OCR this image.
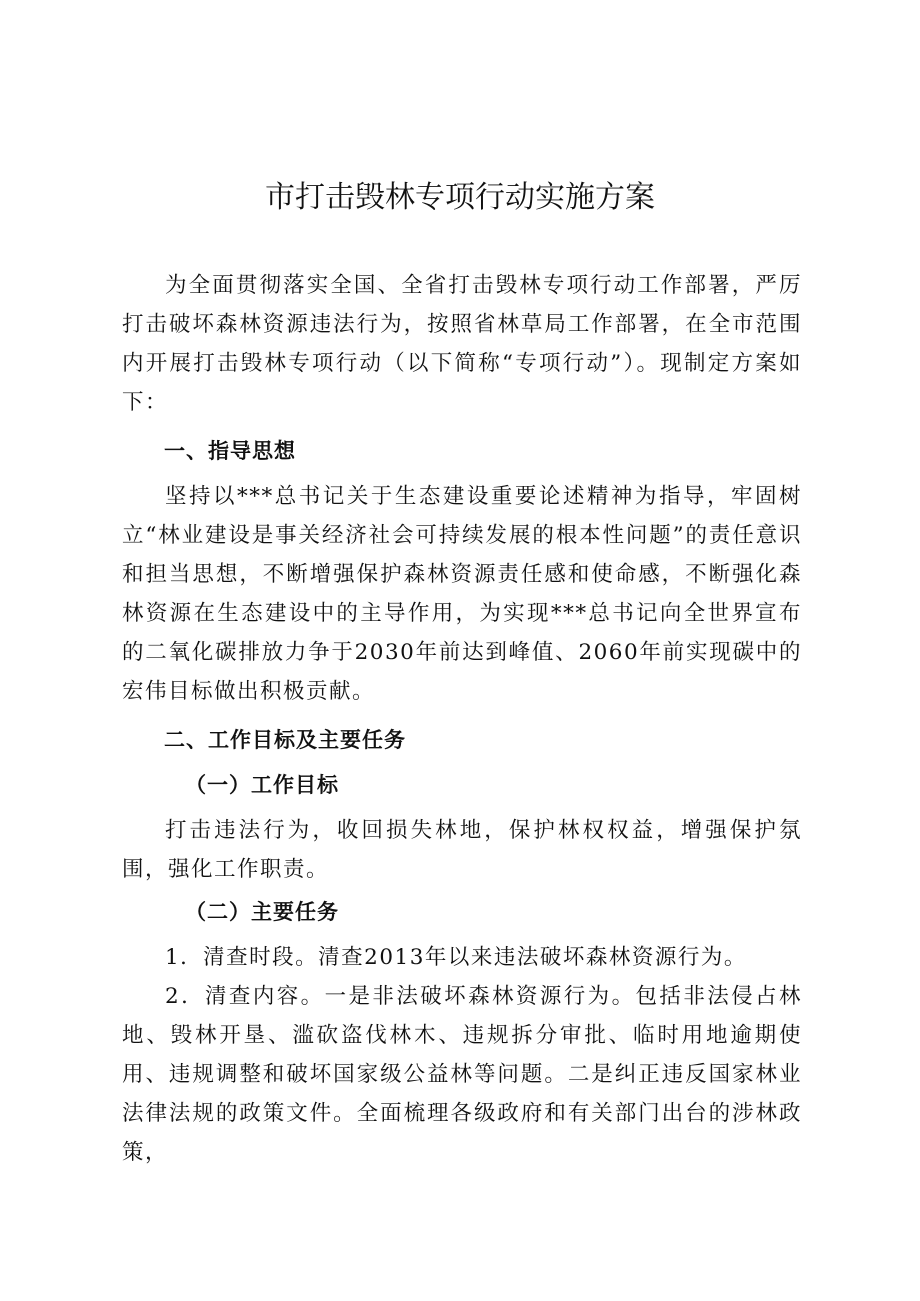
市打击毁林专项行动实施方案

为全面贯彻落实全国、全省打击毁林专项行动工作部署，严厉打击破坏森林资源违法行为，按照省林草局工作部署，在全市范围内开展打击毁林专项行动（以下简称“专项行动”）。现制定方案如下：

一、指导思想

坚持以***总书记关于生态建设重要论述精神为指导，牢固树立“林业建设是事关经济社会可持续发展的根本性问题”的责任意识和担当思想，不断增强保护森林资源责任感和使命感，不断强化森林资源在生态建设中的主导作用，为实现***总书记向全世界宣布的二氧化碳排放力争于2030年前达到峰值、2060年前实现碳中的宏伟目标做出积极贡献。

二、工作目标及主要任务
（一）工作目标

打击违法行为，收回损失林地，保护林权权益，增强保护氛围，强化工作职责。

（二）主要任务

1．清查时段。清查2013年以来违法破坏森林资源行为。

2．清查内容。一是非法破坏森林资源行为。包括非法侵占林地、毁林开垦、滥砍盗伐林木、违规拆分审批、临时用地逾期使用、违规调整和破坏国家级公益林等问题。二是纠正违反国家林业法律法规的政策文件。全面梳理各级政府和有关部门出台的涉林政策，
